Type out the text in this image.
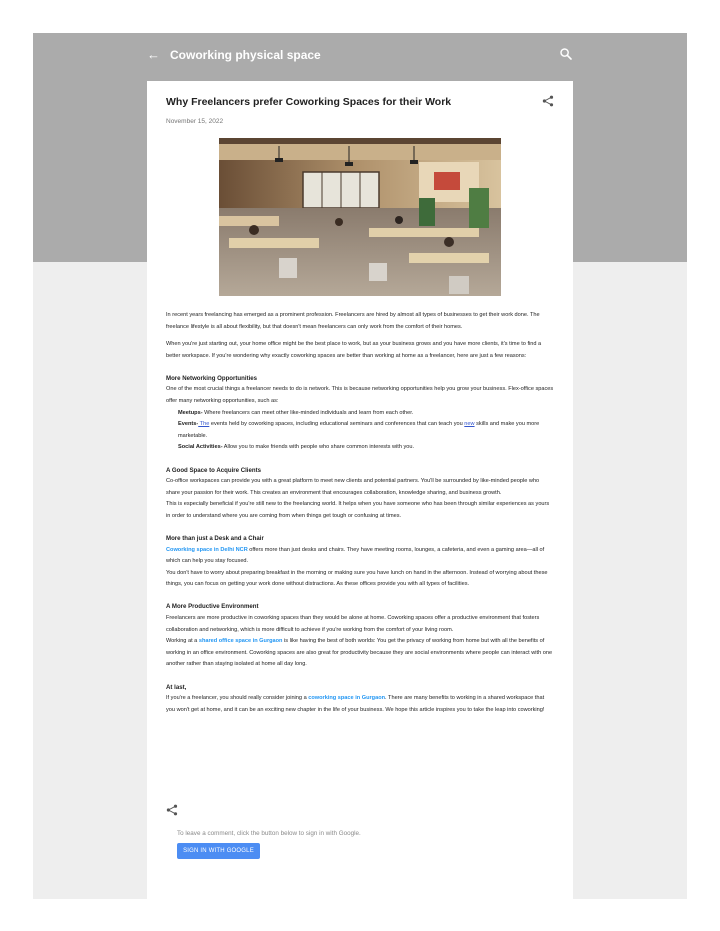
← Coworking physical space
Why Freelancers prefer Coworking Spaces for their Work
November 15, 2022

In recent years freelancing has emerged as a prominent profession. Freelancers are hired by almost all types of businesses to get their work done. The freelance lifestyle is all about flexibility, but that doesn't mean freelancers can only work from the comfort of their homes.

When you're just starting out, your home office might be the best place to work, but as your business grows and you have more clients, it's time to find a better workspace. If you're wondering why exactly coworking spaces are better than working at home as a freelancer, here are just a few reasons:

More Networking Opportunities

One of the most crucial things a freelancer needs to do is network. This is because networking opportunities help you grow your business. Flex-office spaces offer many networking opportunities, such as:

Meetups- Where freelancers can meet other like-minded individuals and learn from each other.

Events- The events held by coworking spaces, including educational seminars and conferences that can teach you new skills and make you more marketable.

Social Activities- Allow you to make friends with people who share common interests with you.

A Good Space to Acquire Clients

Co-office workspaces can provide you with a great platform to meet new clients and potential partners. You'll be surrounded by like-minded people who share your passion for their work. This creates an environment that encourages collaboration, knowledge sharing, and business growth.

This is especially beneficial if you're still new to the freelancing world. It helps when you have someone who has been through similar experiences as yours in order to understand where you are coming from when things get tough or confusing at times.

More than just a Desk and a Chair

Coworking space in Delhi NCR offers more than just desks and chairs. They have meeting rooms, lounges, a cafeteria, and even a gaming area—all of which can help you stay focused.

You don't have to worry about preparing breakfast in the morning or making sure you have lunch on hand in the afternoon. Instead of worrying about these things, you can focus on getting your work done without distractions. As these offices provide you with all types of facilities.

A More Productive Environment

Freelancers are more productive in coworking spaces than they would be alone at home. Coworking spaces offer a productive environment that fosters collaboration and networking, which is more difficult to achieve if you're working from the comfort of your living room.

Working at a shared office space in Gurgaon is like having the best of both worlds: You get the privacy of working from home but with all the benefits of working in an office environment. Coworking spaces are also great for productivity because they are social environments where people can interact with one another rather than staying isolated at home all day long.

At last,

If you're a freelancer, you should really consider joining a coworking space in Gurgaon. There are many benefits to working in a shared workspace that you won't get at home, and it can be an exciting new chapter in the life of your business. We hope this article inspires you to take the leap into coworking!

To leave a comment, click the button below to sign in with Google.
SIGN IN WITH GOOGLE
